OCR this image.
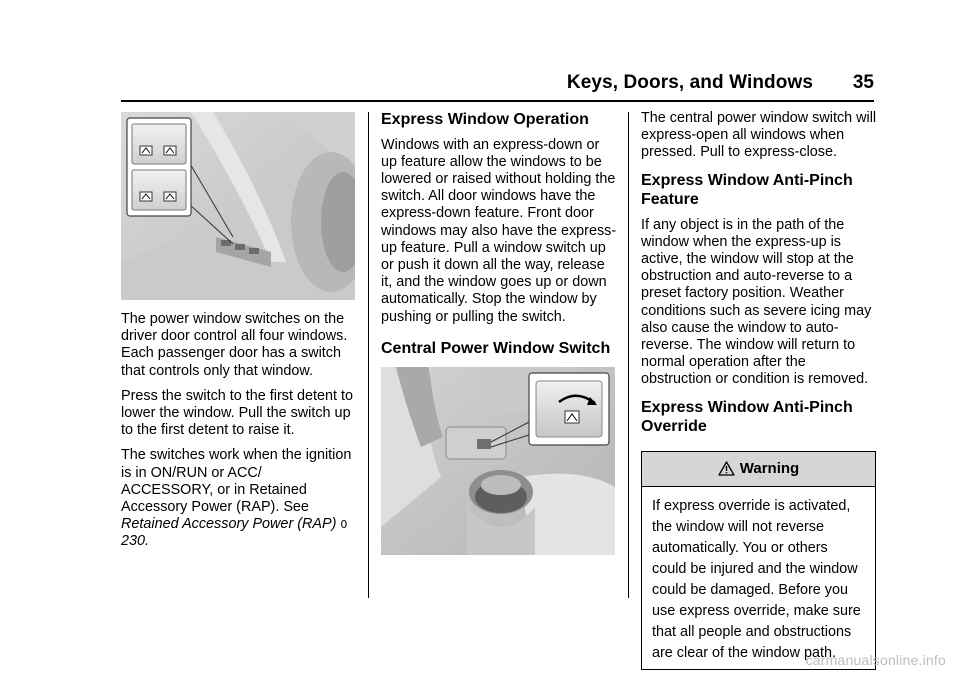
Keys, Doors, and Windows 35

The power window switches on the driver door control all four windows. Each passenger door has a switch that controls only that window.

Press the switch to the first detent to lower the window. Pull the switch up to the first detent to raise it.

The switches work when the ignition is in ON/RUN or ACC/ ACCESSORY, or in Retained Accessory Power (RAP). See Retained Accessory Power (RAP) 0 230.

Express Window Operation

Windows with an express-down or up feature allow the windows to be lowered or raised without holding the switch. All door windows have the express-down feature. Front door windows may also have the express-up feature. Pull a window switch up or push it down all the way, release it, and the window goes up or down automatically. Stop the window by pushing or pulling the switch.

Central Power Window Switch

The central power window switch will express-open all windows when pressed. Pull to express-close.

Express Window Anti-Pinch Feature

If any object is in the path of the window when the express-up is active, the window will stop at the obstruction and auto-reverse to a preset factory position. Weather conditions such as severe icing may also cause the window to auto-reverse. The window will return to normal operation after the obstruction or condition is removed.

Express Window Anti-Pinch Override
Warning
If express override is activated, the window will not reverse automatically. You or others could be injured and the window could be damaged. Before you use express override, make sure that all people and obstructions are clear of the window path.
carmanualsonline.info
